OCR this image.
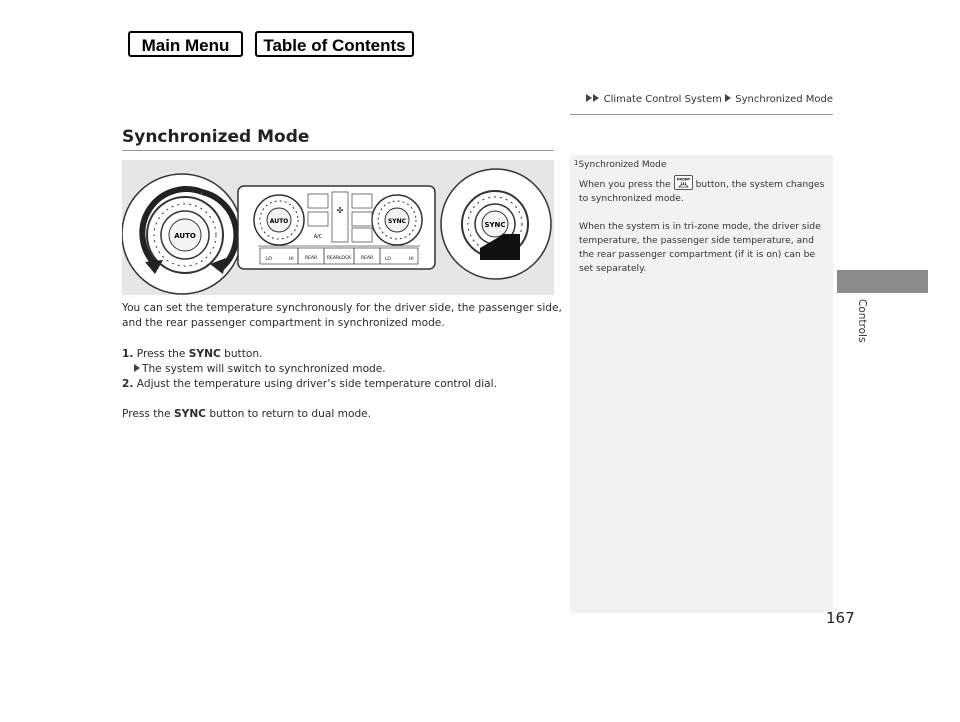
Main Menu	Table of Contents
Climate Control System Synchronized Mode
Synchronized Mode
AUTO
AUTO	SYNC
A/C
✣
LO	HI REAR REARLOCK REAR	LO	HI
SYNC

You can set the temperature synchronously for the driver side, the passenger side, and the rear passenger compartment in synchronized mode.

1. Press the SYNC button.

The system will switch to synchronized mode.

2. Adjust the temperature using driver’s side temperature control dial.

Press the SYNC button to return to dual mode.

$^1$Synchronized Mode

When you press the FRONT button, the system changes to synchronized mode.

When the system is in tri-zone mode, the driver side temperature, the passenger side temperature, and the rear passenger compartment (if it is on) can be set separately.

Controls
167
